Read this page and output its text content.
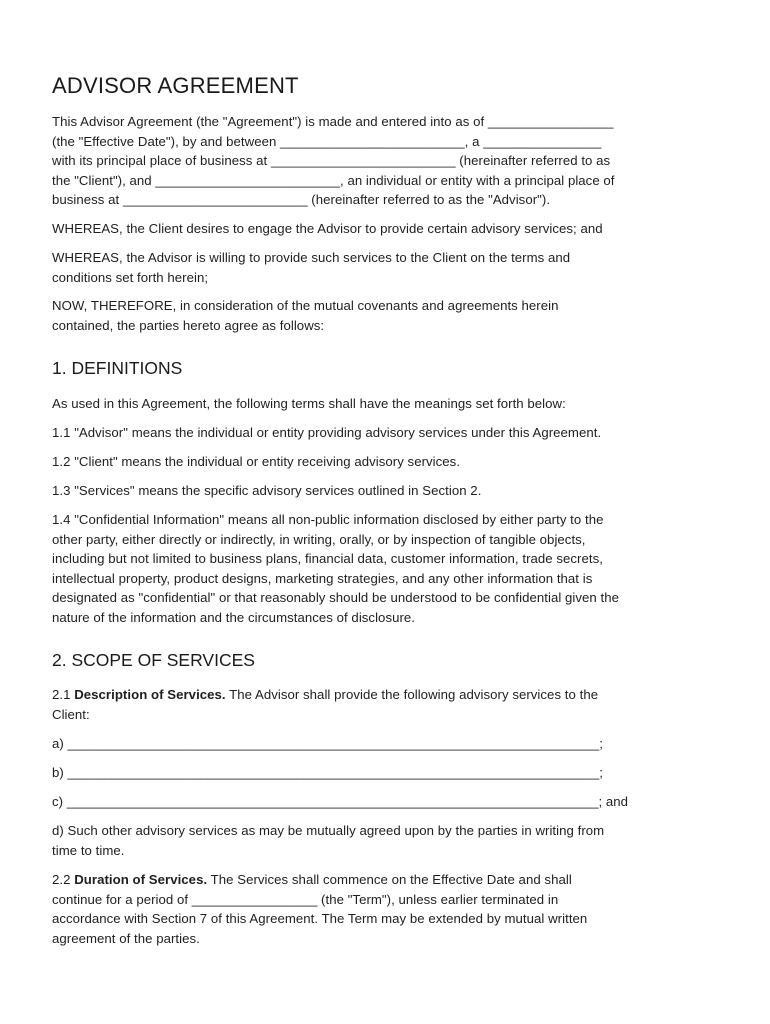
ADVISOR AGREEMENT

This Advisor Agreement (the "Agreement") is made and entered into as of _________________
(the "Effective Date"), by and between _________________________, a ________________
with its principal place of business at _________________________ (hereinafter referred to as
the "Client"), and _________________________, an individual or entity with a principal place of
business at _________________________ (hereinafter referred to as the "Advisor").

WHEREAS, the Client desires to engage the Advisor to provide certain advisory services; and

WHEREAS, the Advisor is willing to provide such services to the Client on the terms and
conditions set forth herein;

NOW, THEREFORE, in consideration of the mutual covenants and agreements herein
contained, the parties hereto agree as follows:

1. DEFINITIONS

As used in this Agreement, the following terms shall have the meanings set forth below:

1.1 "Advisor" means the individual or entity providing advisory services under this Agreement.

1.2 "Client" means the individual or entity receiving advisory services.

1.3 "Services" means the specific advisory services outlined in Section 2.

1.4 "Confidential Information" means all non-public information disclosed by either party to the
other party, either directly or indirectly, in writing, orally, or by inspection of tangible objects,
including but not limited to business plans, financial data, customer information, trade secrets,
intellectual property, product designs, marketing strategies, and any other information that is
designated as "confidential" or that reasonably should be understood to be confidential given the
nature of the information and the circumstances of disclosure.

2. SCOPE OF SERVICES

2.1 Description of Services. The Advisor shall provide the following advisory services to the
Client:

a) ________________________________________________________________________;

b) ________________________________________________________________________;

c) ________________________________________________________________________; and

d) Such other advisory services as may be mutually agreed upon by the parties in writing from
time to time.

2.2 Duration of Services. The Services shall commence on the Effective Date and shall
continue for a period of _________________ (the "Term"), unless earlier terminated in
accordance with Section 7 of this Agreement. The Term may be extended by mutual written
agreement of the parties.
